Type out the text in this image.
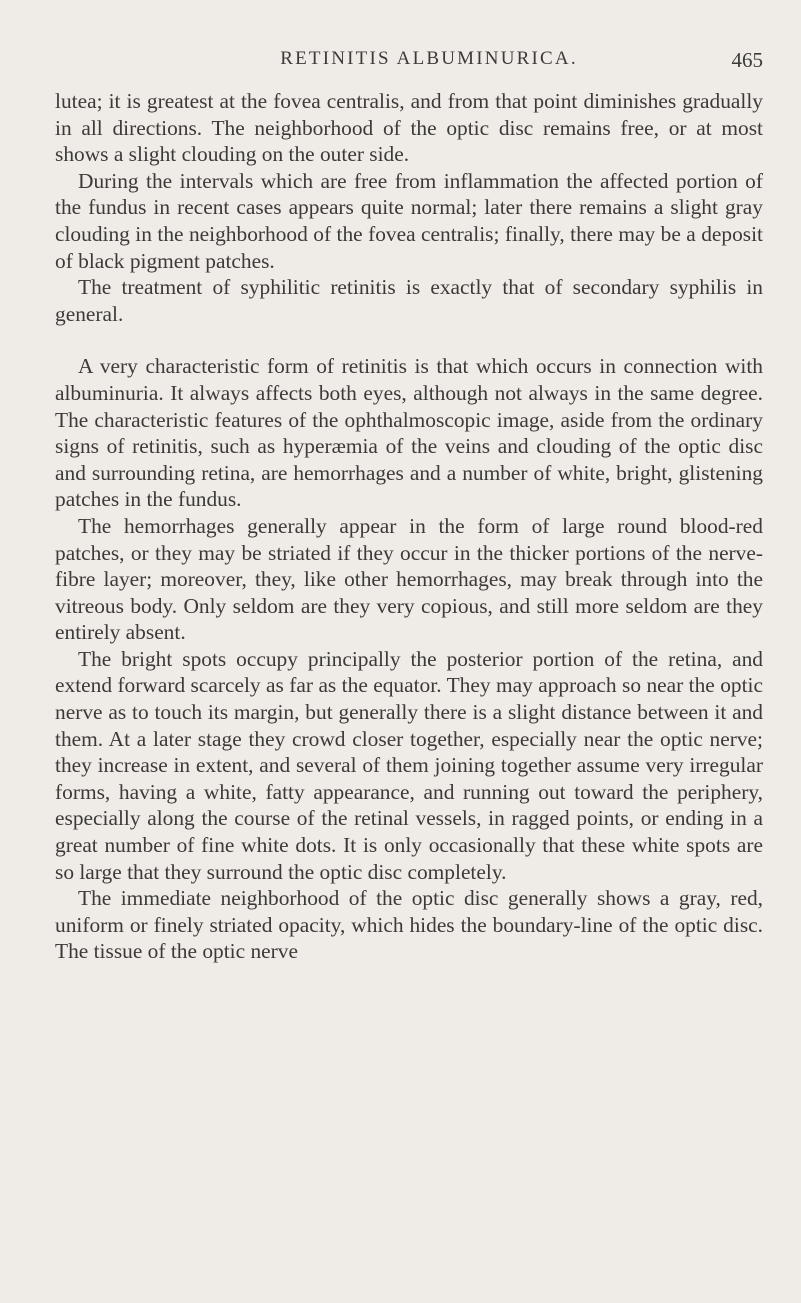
RETINITIS ALBUMINURICA.	465

lutea; it is greatest at the fovea centralis, and from that point diminishes gradually in all directions. The neighborhood of the optic disc remains free, or at most shows a slight clouding on the outer side.

During the intervals which are free from inflammation the affected portion of the fundus in recent cases appears quite normal; later there remains a slight gray clouding in the neighborhood of the fovea centralis; finally, there may be a deposit of black pigment patches.

The treatment of syphilitic retinitis is exactly that of secondary syphilis in general.

A very characteristic form of retinitis is that which occurs in connection with albuminuria. It always affects both eyes, although not always in the same degree. The characteristic features of the ophthalmoscopic image, aside from the ordinary signs of retinitis, such as hyperæmia of the veins and clouding of the optic disc and surrounding retina, are hemorrhages and a number of white, bright, glistening patches in the fundus.

The hemorrhages generally appear in the form of large round blood-red patches, or they may be striated if they occur in the thicker portions of the nerve-fibre layer; moreover, they, like other hemorrhages, may break through into the vitreous body. Only seldom are they very copious, and still more seldom are they entirely absent.

The bright spots occupy principally the posterior portion of the retina, and extend forward scarcely as far as the equator. They may approach so near the optic nerve as to touch its margin, but generally there is a slight distance between it and them. At a later stage they crowd closer together, especially near the optic nerve; they increase in extent, and several of them joining together assume very irregular forms, having a white, fatty appearance, and running out toward the periphery, especially along the course of the retinal vessels, in ragged points, or ending in a great number of fine white dots. It is only occasionally that these white spots are so large that they surround the optic disc completely.

The immediate neighborhood of the optic disc generally shows a gray, red, uniform or finely striated opacity, which hides the boundary-line of the optic disc. The tissue of the optic nerve
